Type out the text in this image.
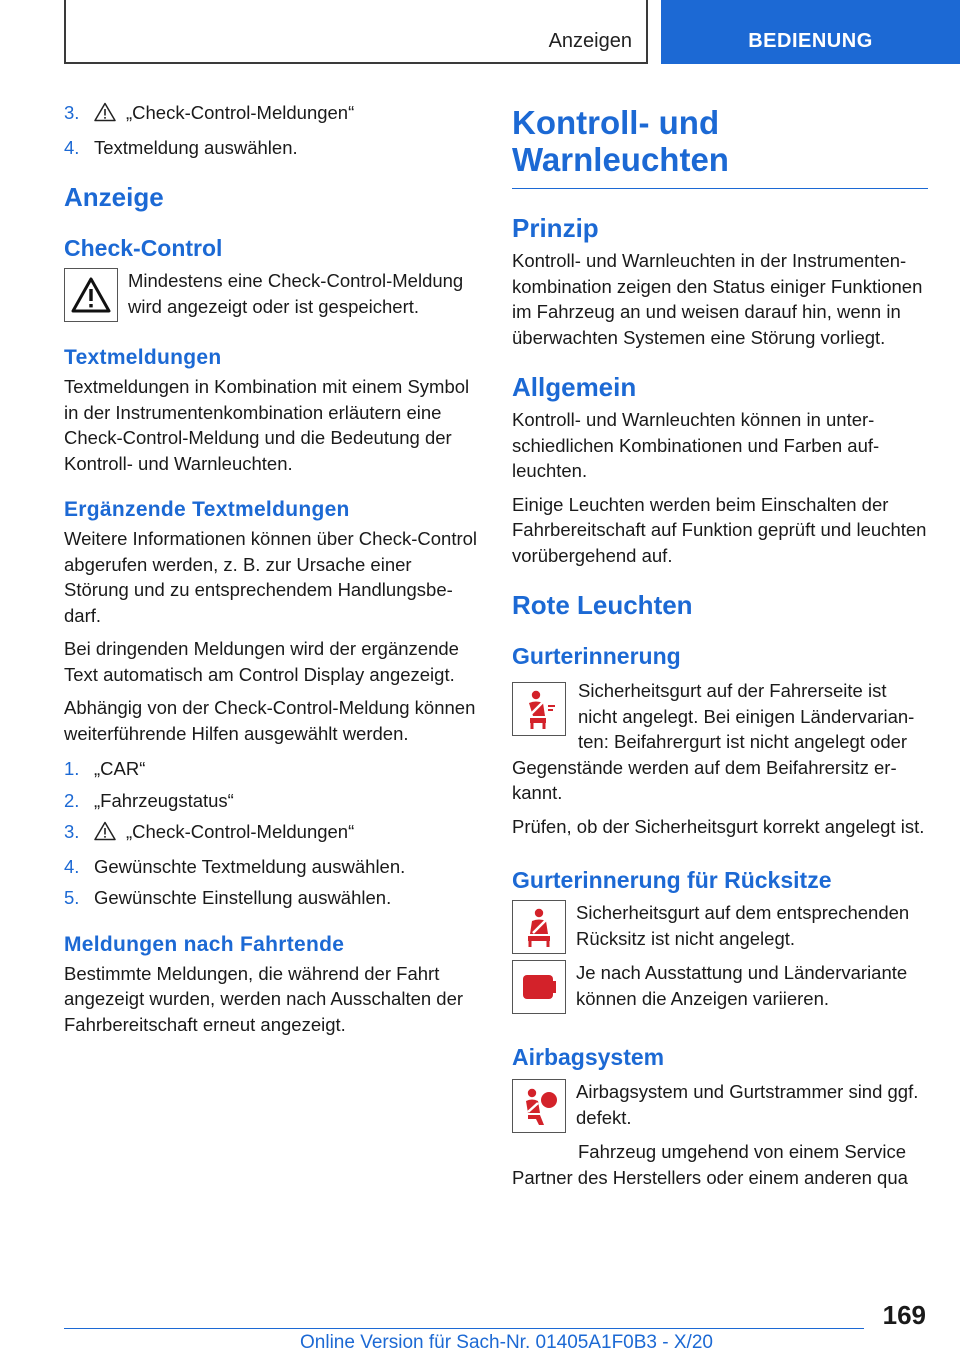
Anzeigen	BEDIENUNG
3.	„Check-Control-Meldungen“
4. Textmeldung auswählen.
Anzeige
Check-Control

Mindestens eine Check-Control-Meldung wird angezeigt oder ist gespeichert.

Textmeldungen

Textmeldungen in Kombination mit einem Symbol in der Instrumentenkombination erläutern eine Check-Control-Meldung und die Bedeutung der Kontroll- und Warnleuchten.

Ergänzende Textmeldungen

Weitere Informationen können über Check-Control abgerufen werden, z. B. zur Ursache einer Störung und zu entsprechendem Handlungsbedarf.

Bei dringenden Meldungen wird der ergänzende Text automatisch am Control Display angezeigt.

Abhängig von der Check-Control-Meldung können weiterführende Hilfen ausgewählt werden.

1. „CAR“
2. „Fahrzeugstatus“
3.	„Check-Control-Meldungen“
4. Gewünschte Textmeldung auswählen.
5. Gewünschte Einstellung auswählen.
Meldungen nach Fahrtende

Bestimmte Meldungen, die während der Fahrt angezeigt wurden, werden nach Ausschalten der Fahrbereitschaft erneut angezeigt.

Kontroll- und
Warnleuchten
Prinzip

Kontroll- und Warnleuchten in der Instrumentenkombination zeigen den Status einiger Funktionen im Fahrzeug an und weisen darauf hin, wenn in überwachten Systemen eine Störung vorliegt.

Allgemein

Kontroll- und Warnleuchten können in unterschiedlichen Kombinationen und Farben aufleuchten.

Einige Leuchten werden beim Einschalten der Fahrbereitschaft auf Funktion geprüft und leuchten vorübergehend auf.

Rote Leuchten
Gurterinnerung

Sicherheitsgurt auf der Fahrerseite ist nicht angelegt. Bei einigen Ländervarianten: Beifahrergurt ist nicht angelegt oder Gegenstände werden auf dem Beifahrersitz erkannt.

Prüfen, ob der Sicherheitsgurt korrekt angelegt ist.

Gurterinnerung für Rücksitze

Sicherheitsgurt auf dem entsprechenden Rücksitz ist nicht angelegt.

Je nach Ausstattung und Ländervariante können die Anzeigen variieren.

Airbagsystem

Airbagsystem und Gurtstrammer sind ggf. defekt.

Fahrzeug umgehend von einem Service Partner des Herstellers oder einem anderen qua

169
Online Version für Sach-Nr. 01405A1F0B3 - X/20
